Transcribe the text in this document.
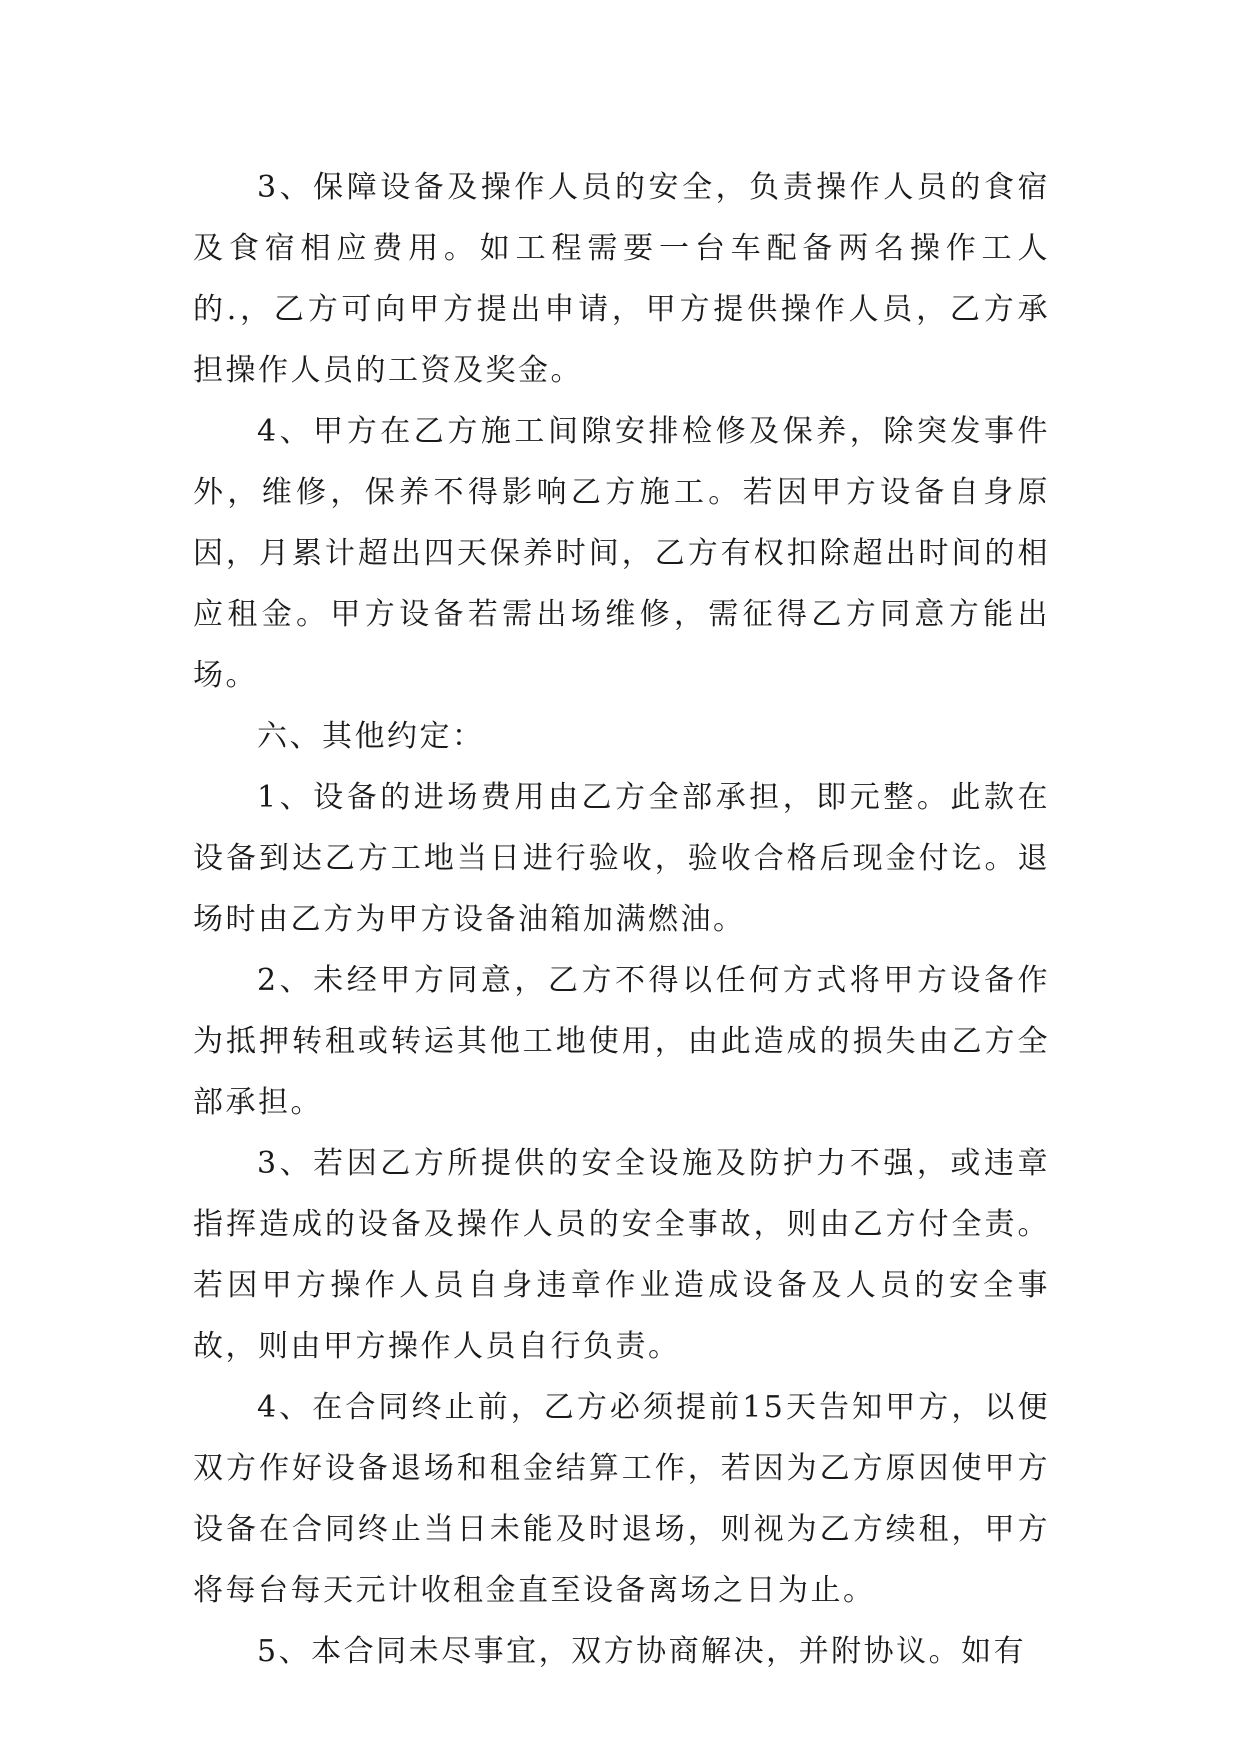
3、保障设备及操作人员的安全，负责操作人员的食宿及食宿相应费用。如工程需要一台车配备两名操作工人的.，乙方可向甲方提出申请，甲方提供操作人员，乙方承担操作人员的工资及奖金。

4、甲方在乙方施工间隙安排检修及保养，除突发事件外，维修，保养不得影响乙方施工。若因甲方设备自身原因，月累计超出四天保养时间，乙方有权扣除超出时间的相应租金。甲方设备若需出场维修，需征得乙方同意方能出场。

六、其他约定：

1、设备的进场费用由乙方全部承担，即元整。此款在设备到达乙方工地当日进行验收，验收合格后现金付讫。退场时由乙方为甲方设备油箱加满燃油。

2、未经甲方同意，乙方不得以任何方式将甲方设备作为抵押转租或转运其他工地使用，由此造成的损失由乙方全部承担。

3、若因乙方所提供的安全设施及防护力不强，或违章指挥造成的设备及操作人员的安全事故，则由乙方付全责。若因甲方操作人员自身违章作业造成设备及人员的安全事故，则由甲方操作人员自行负责。

4、在合同终止前，乙方必须提前15天告知甲方，以便双方作好设备退场和租金结算工作，若因为乙方原因使甲方设备在合同终止当日未能及时退场，则视为乙方续租，甲方将每台每天元计收租金直至设备离场之日为止。

5、本合同未尽事宜，双方协商解决，并附协议。如有
